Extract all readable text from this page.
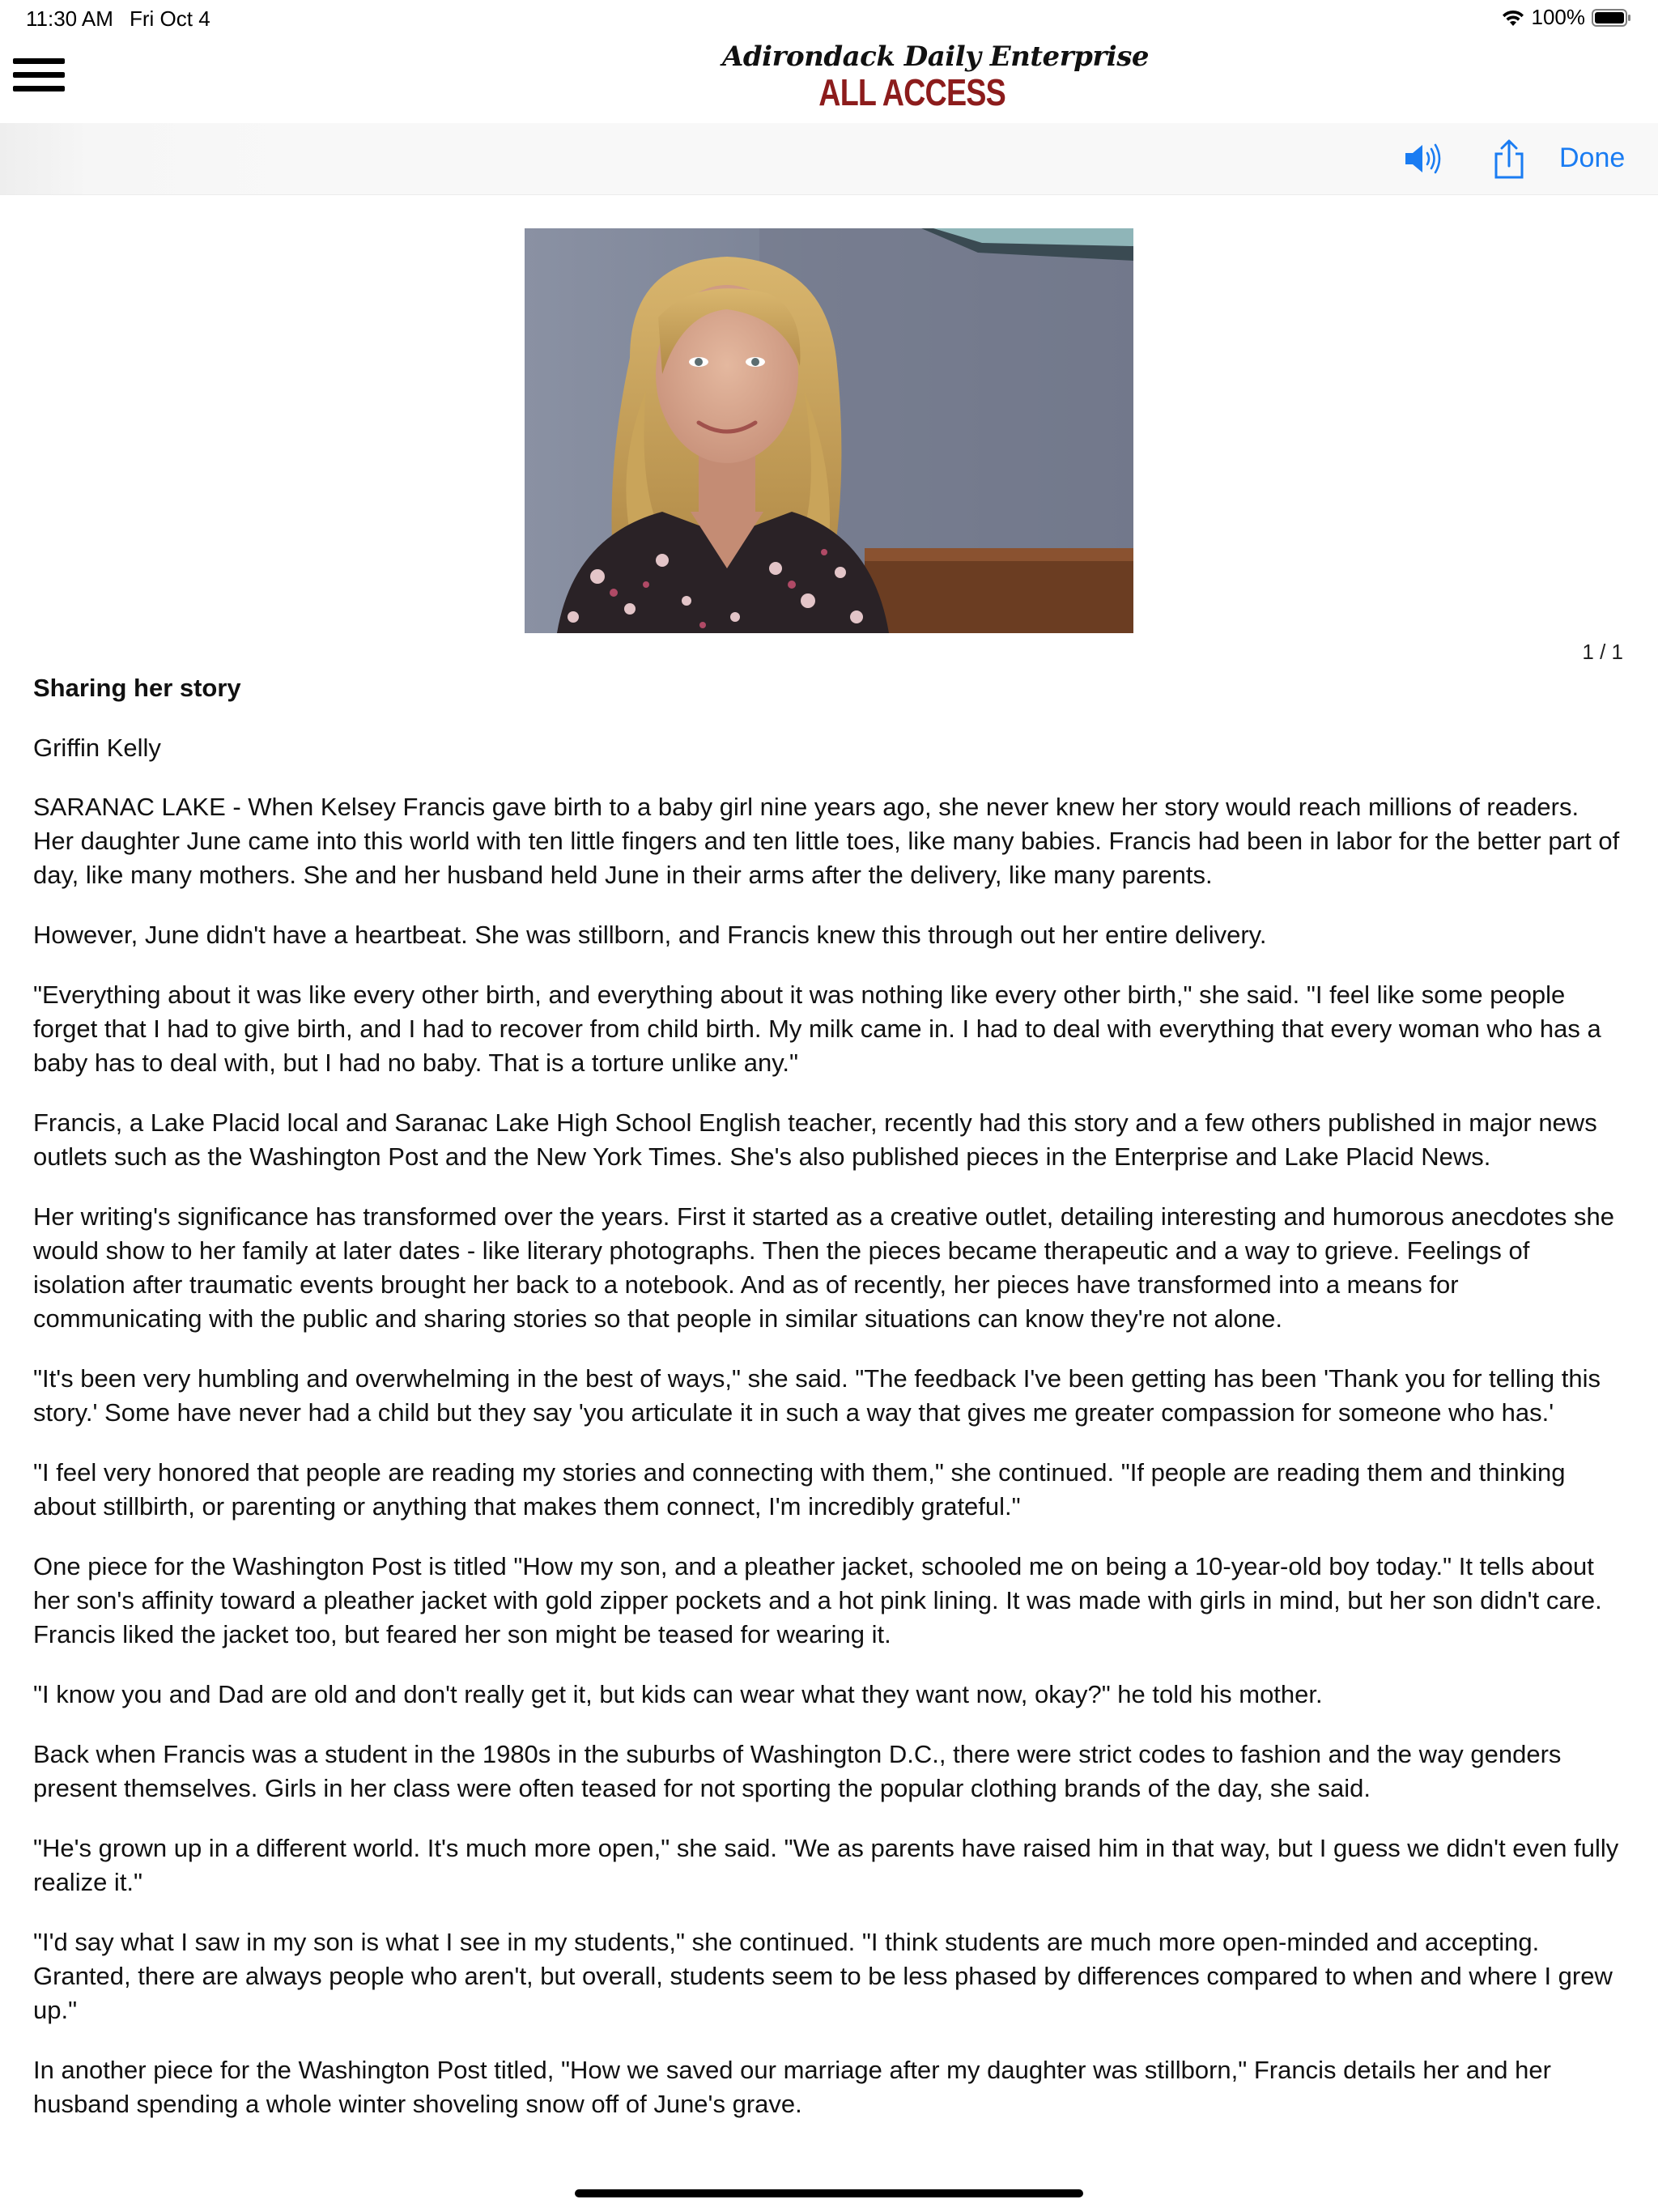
11:30 AM Fri Oct 4	100%
Adirondack Daily Enterprise
ALL ACCESS
Done
1 / 1
Sharing her story
Griffin Kelly

SARANAC LAKE - When Kelsey Francis gave birth to a baby girl nine years ago, she never knew her story would reach millions of readers. Her daughter June came into this world with ten little fingers and ten little toes, like many babies. Francis had been in labor for the better part of day, like many mothers. She and her husband held June in their arms after the delivery, like many parents.

However, June didn't have a heartbeat. She was stillborn, and Francis knew this through out her entire delivery.

"Everything about it was like every other birth, and everything about it was nothing like every other birth," she said. "I feel like some people forget that I had to give birth, and I had to recover from child birth. My milk came in. I had to deal with everything that every woman who has a baby has to deal with, but I had no baby. That is a torture unlike any."

Francis, a Lake Placid local and Saranac Lake High School English teacher, recently had this story and a few others published in major news outlets such as the Washington Post and the New York Times. She's also published pieces in the Enterprise and Lake Placid News.

Her writing's significance has transformed over the years. First it started as a creative outlet, detailing interesting and humorous anecdotes she would show to her family at later dates - like literary photographs. Then the pieces became therapeutic and a way to grieve. Feelings of isolation after traumatic events brought her back to a notebook. And as of recently, her pieces have transformed into a means for communicating with the public and sharing stories so that people in similar situations can know they're not alone.

"It's been very humbling and overwhelming in the best of ways," she said. "The feedback I've been getting has been 'Thank you for telling this story.' Some have never had a child but they say 'you articulate it in such a way that gives me greater compassion for someone who has.'

"I feel very honored that people are reading my stories and connecting with them," she continued. "If people are reading them and thinking about stillbirth, or parenting or anything that makes them connect, I'm incredibly grateful."

One piece for the Washington Post is titled "How my son, and a pleather jacket, schooled me on being a 10-year-old boy today." It tells about her son's affinity toward a pleather jacket with gold zipper pockets and a hot pink lining. It was made with girls in mind, but her son didn't care. Francis liked the jacket too, but feared her son might be teased for wearing it.

"I know you and Dad are old and don't really get it, but kids can wear what they want now, okay?" he told his mother.

Back when Francis was a student in the 1980s in the suburbs of Washington D.C., there were strict codes to fashion and the way genders present themselves. Girls in her class were often teased for not sporting the popular clothing brands of the day, she said.

"He's grown up in a different world. It's much more open," she said. "We as parents have raised him in that way, but I guess we didn't even fully realize it."

"I'd say what I saw in my son is what I see in my students," she continued. "I think students are much more open-minded and accepting. Granted, there are always people who aren't, but overall, students seem to be less phased by differences compared to when and where I grew up."

In another piece for the Washington Post titled, "How we saved our marriage after my daughter was stillborn," Francis details her and her husband spending a whole winter shoveling snow off of June's grave.
